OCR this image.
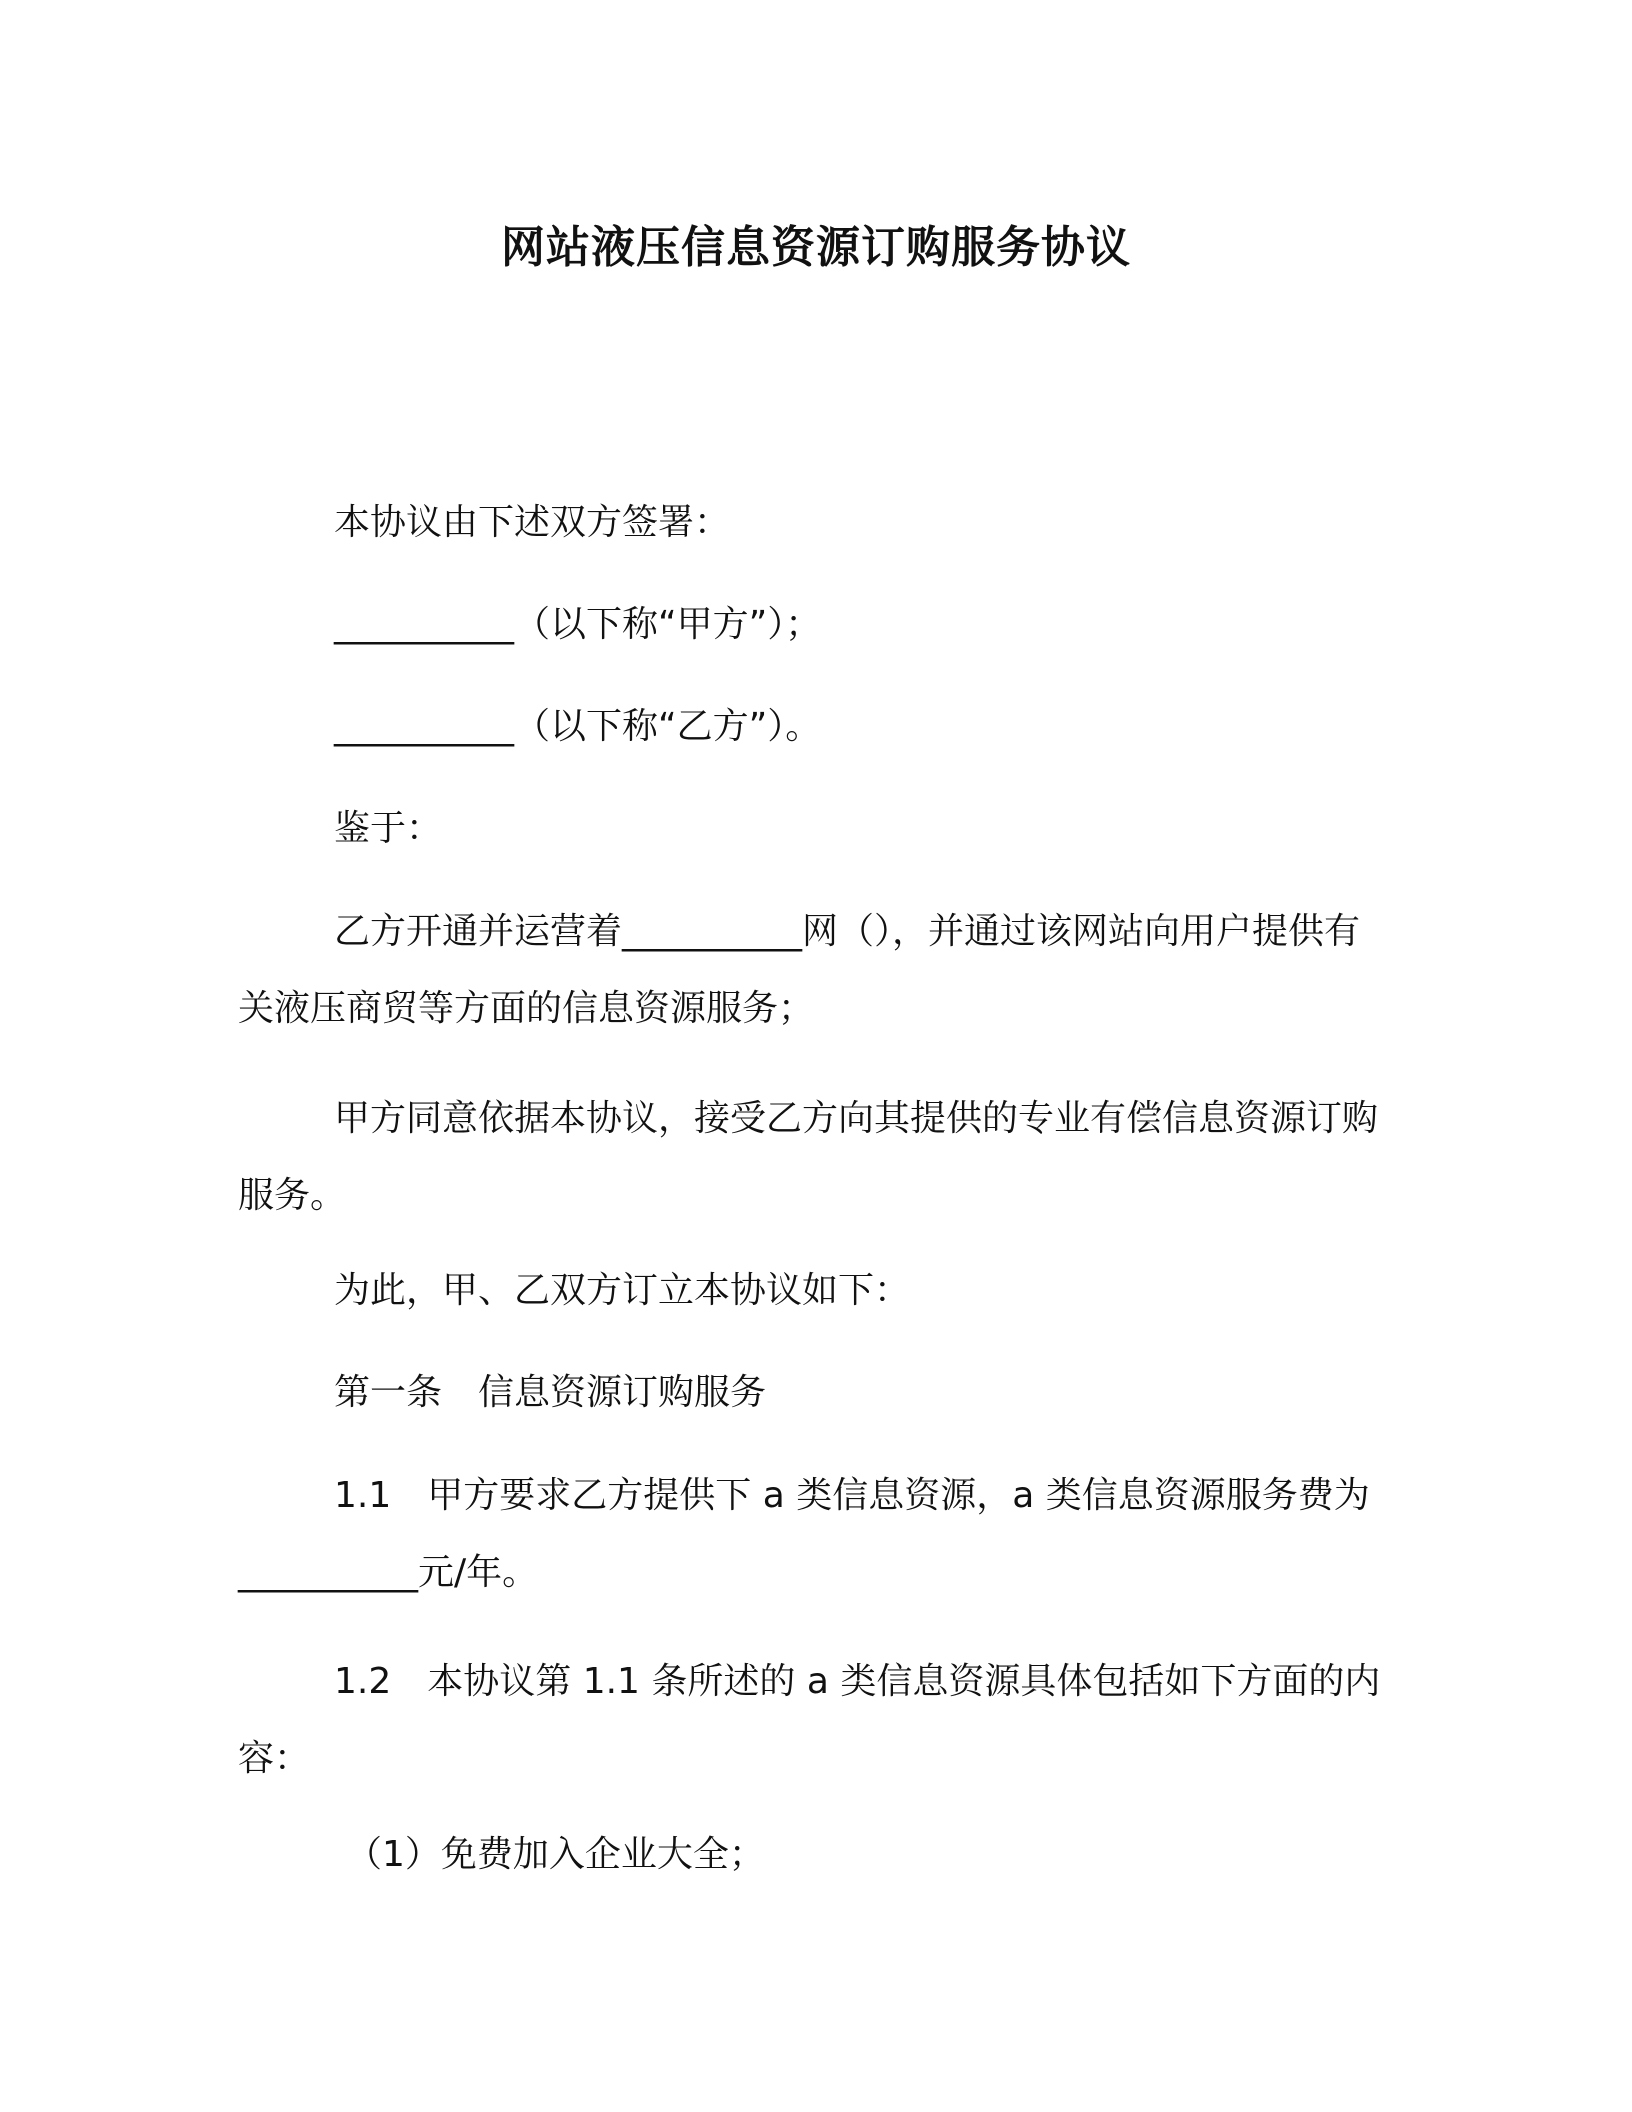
网站液压信息资源订购服务协议
本协议由下述双方签署：
__________（以下称“甲方”）；
__________（以下称“乙方”）。
鉴于：
乙方开通并运营着__________网（），并通过该网站向用户提供有关液压商贸等方面的信息资源服务；
甲方同意依据本协议，接受乙方向其提供的专业有偿信息资源订购服务。
为此，甲、乙双方订立本协议如下：
第一条　信息资源订购服务
1.1　甲方要求乙方提供下 a 类信息资源，a 类信息资源服务费为__________元/年。
1.2　本协议第 1.1 条所述的 a 类信息资源具体包括如下方面的内容：
（1）免费加入企业大全；
